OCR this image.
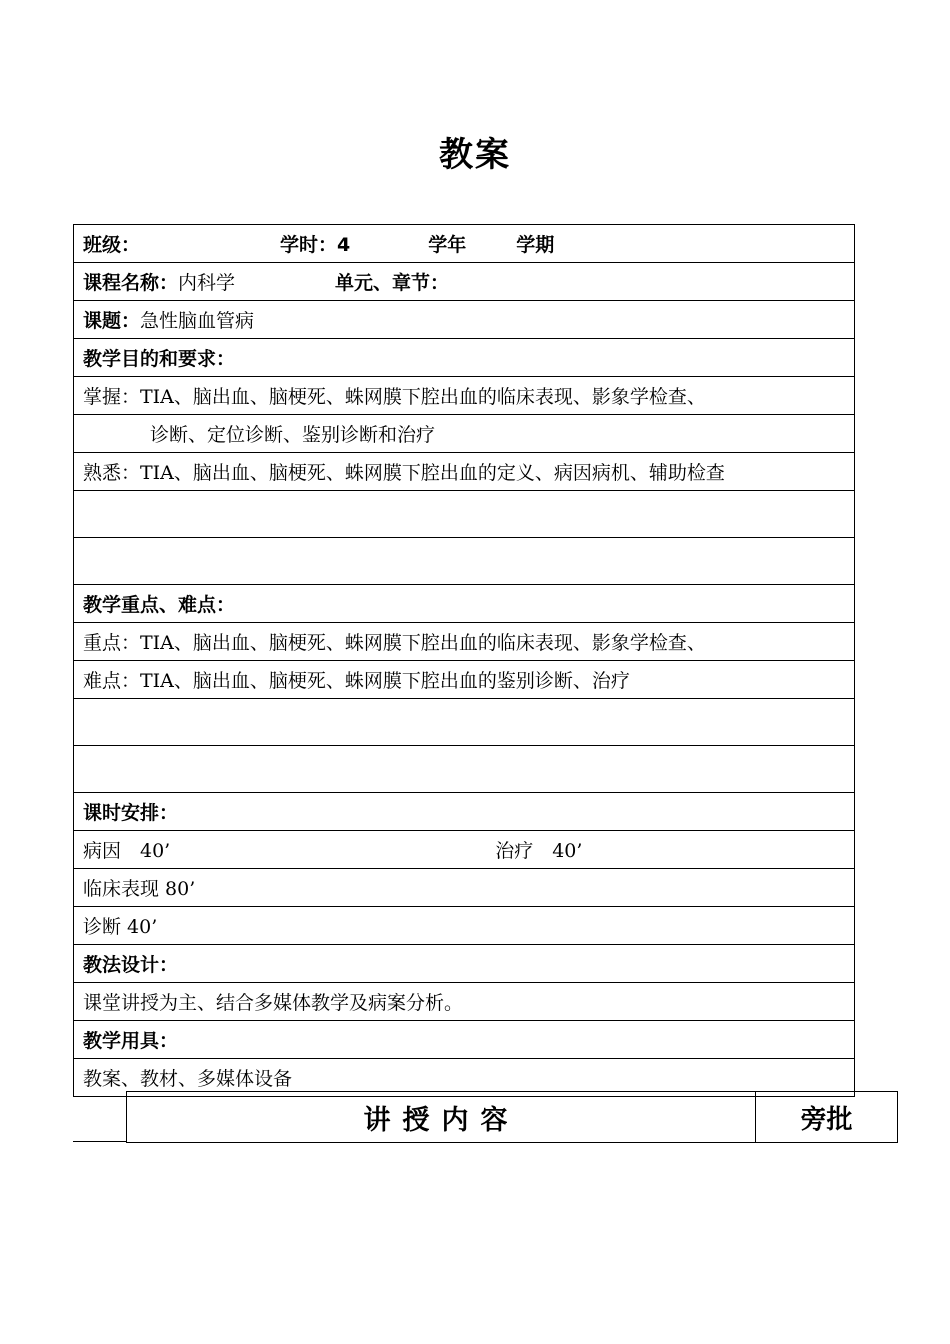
教案
班级：	学时：4	学年	学期
课程名称： 内科学	单元、章节：
课题： 急性脑血管病
教学目的和要求：
掌握：TIA、脑出血、脑梗死、蛛网膜下腔出血的临床表现、影象学检查、
诊断、定位诊断、鉴别诊断和治疗
熟悉：TIA、脑出血、脑梗死、蛛网膜下腔出血的定义、病因病机、辅助检查
教学重点、难点：
重点：TIA、脑出血、脑梗死、蛛网膜下腔出血的临床表现、影象学检查、
难点：TIA、脑出血、脑梗死、蛛网膜下腔出血的鉴别诊断、治疗
课时安排：
病因　40’	治疗　40’
临床表现 80’
诊断 40’
教法设计：
课堂讲授为主、结合多媒体教学及病案分析。
教学用具：
教案、教材、多媒体设备
讲授内容	旁批
